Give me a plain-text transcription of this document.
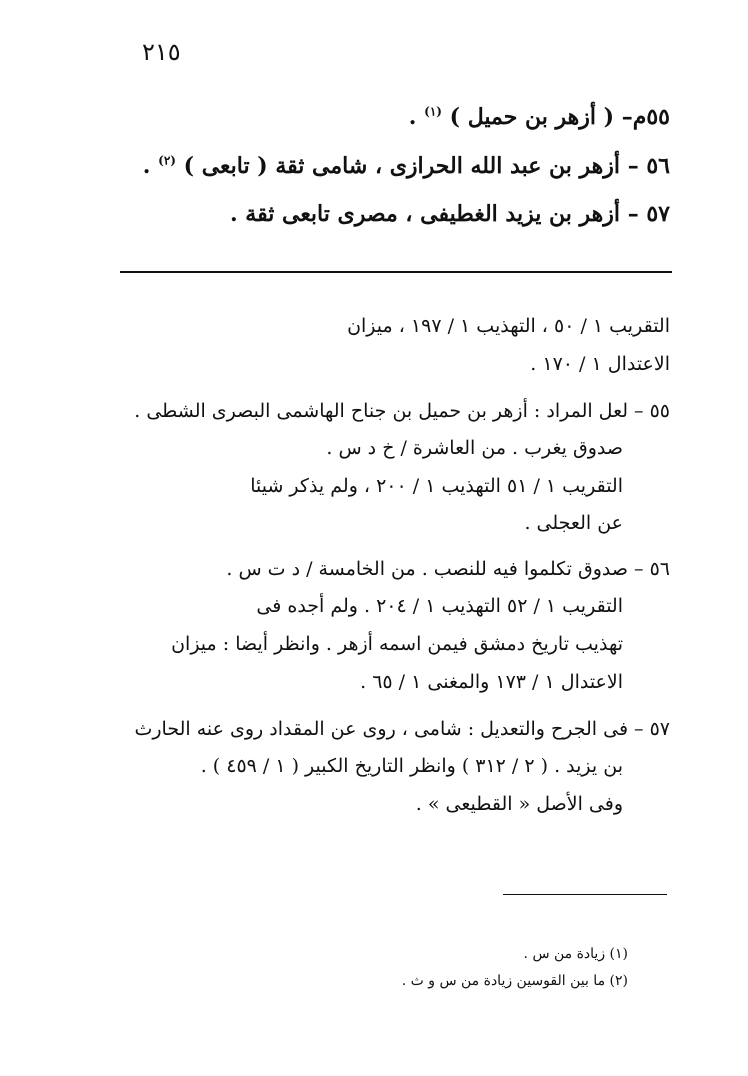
٢١٥
٥٥م– ( أزهر بن حميل ) $^{(١)}$ .
٥٦ – أزهر بن عبد الله الحرازى ، شامى ثقة ( تابعى ) $^{(٢)}$ .
٥٧ – أزهر بن يزيد الغطيفى ، مصرى تابعى ثقة .
التقريب ١ / ٥٠ ، التهذيب ١ / ١٩٧ ، ميزان
الاعتدال ١ / ١٧٠ .
٥٥ –لعل المراد : أزهر بن حميل بن جناح الهاشمى البصرى الشطى .
صدوق يغرب . من العاشرة / خ د س .
التقريب ١ / ٥١ التهذيب ١ / ٢٠٠ ، ولم يذكر شيئا
عن العجلى .
٥٦ –صدوق تكلموا فيه للنصب . من الخامسة / د ت س .
التقريب ١ / ٥٢ التهذيب ١ / ٢٠٤ . ولم أجده فى
تهذيب تاريخ دمشق فيمن اسمه أزهر . وانظر أيضا : ميزان
الاعتدال ١ / ١٧٣ والمغنى ١ / ٦٥ .
٥٧ –فى الجرح والتعديل : شامى ، روى عن المقداد روى عنه الحارث
بن يزيد . ( ٢ / ٣١٢ ) وانظر التاريخ الكبير ( ١ / ٤٥٩ ) .
وفى الأصل « القطيعى » .
(١) زيادة من س .
(٢) ما بين القوسين زيادة من س و ث .
